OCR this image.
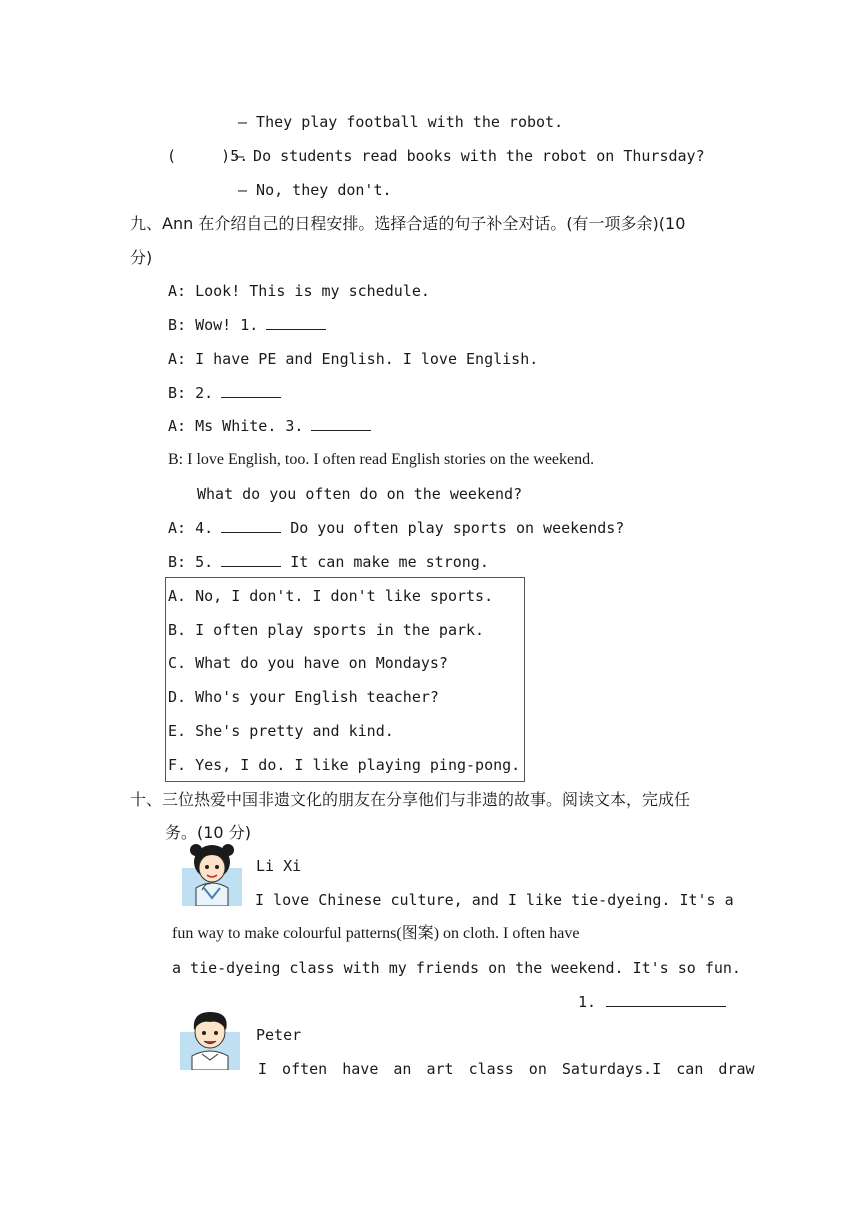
— They play football with the robot.
(     )5.
— Do students read books with the robot on Thursday?
— No, they don't.
九、Ann 在介绍自己的日程安排。选择合适的句子补全对话。(有一项多余)(10
分)
A: Look! This is my schedule.
B: Wow! 1.
A: I have PE and English. I love English.
B: 2.
A: Ms White. 3.
B: I love English, too. I often read English stories on the weekend.
What do you often do on the weekend?
A: 4.	Do you often play sports on weekends?
B: 5.	It can make me strong.
A. No, I don't. I don't like sports.
B. I often play sports in the park.
C. What do you have on Mondays?
D. Who's your English teacher?
E. She's pretty and kind.
F. Yes, I do. I like playing ping-pong.
十、三位热爱中国非遗文化的朋友在分享他们与非遗的故事。阅读文本，完成任
务。(10 分)
Li Xi
I love Chinese culture, and I like tie-dyeing. It's a
fun way to make colourful patterns(图案) on cloth. I often have
a tie-dyeing class with my friends on the weekend. It's so fun.
1.
Peter
I often have an art class on Saturdays.I can draw
